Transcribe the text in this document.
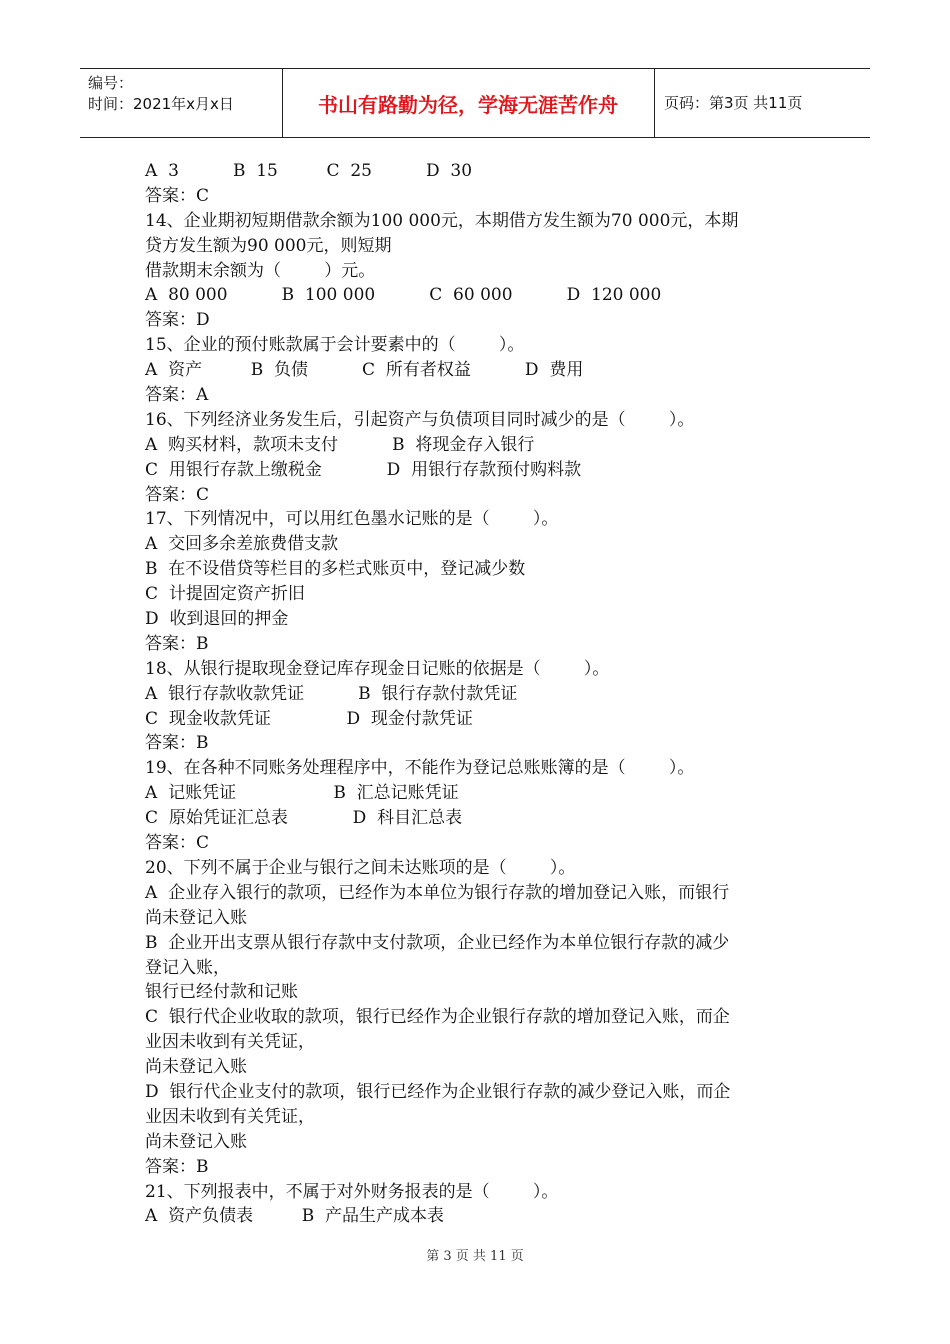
编号：
时间：2021年x月x日	书山有路勤为径，学海无涯苦作舟	页码：第3页 共11页
A  3          B  15         C  25          D  30
答案：C
14、企业期初短期借款余额为100 000元，本期借方发生额为70 000元，本期
贷方发生额为90 000元，则短期
借款期末余额为（        ）元。
A  80 000          B  100 000          C  60 000          D  120 000
答案：D
15、企业的预付账款属于会计要素中的（        ）。
A  资产         B  负债          C  所有者权益          D  费用
答案：A
16、下列经济业务发生后，引起资产与负债项目同时减少的是（        ）。
A  购买材料，款项未支付          B  将现金存入银行
C  用银行存款上缴税金            D  用银行存款预付购料款
答案：C
17、下列情况中，可以用红色墨水记账的是（        ）。
A  交回多余差旅费借支款
B  在不设借贷等栏目的多栏式账页中，登记减少数
C  计提固定资产折旧
D  收到退回的押金
答案：B
18、从银行提取现金登记库存现金日记账的依据是（        ）。
A  银行存款收款凭证          B  银行存款付款凭证
C  现金收款凭证              D  现金付款凭证
答案：B
19、在各种不同账务处理程序中，不能作为登记总账账簿的是（        ）。
A  记账凭证                  B  汇总记账凭证
C  原始凭证汇总表            D  科目汇总表
答案：C
20、下列不属于企业与银行之间未达账项的是（        ）。
A  企业存入银行的款项，已经作为本单位为银行存款的增加登记入账，而银行
尚未登记入账
B  企业开出支票从银行存款中支付款项，企业已经作为本单位银行存款的减少
登记入账，
银行已经付款和记账
C  银行代企业收取的款项，银行已经作为企业银行存款的增加登记入账，而企
业因未收到有关凭证，
尚未登记入账
D  银行代企业支付的款项，银行已经作为企业银行存款的减少登记入账，而企
业因未收到有关凭证，
尚未登记入账
答案：B
21、下列报表中，不属于对外财务报表的是（        ）。
A  资产负债表         B  产品生产成本表
第 3 页 共 11 页
